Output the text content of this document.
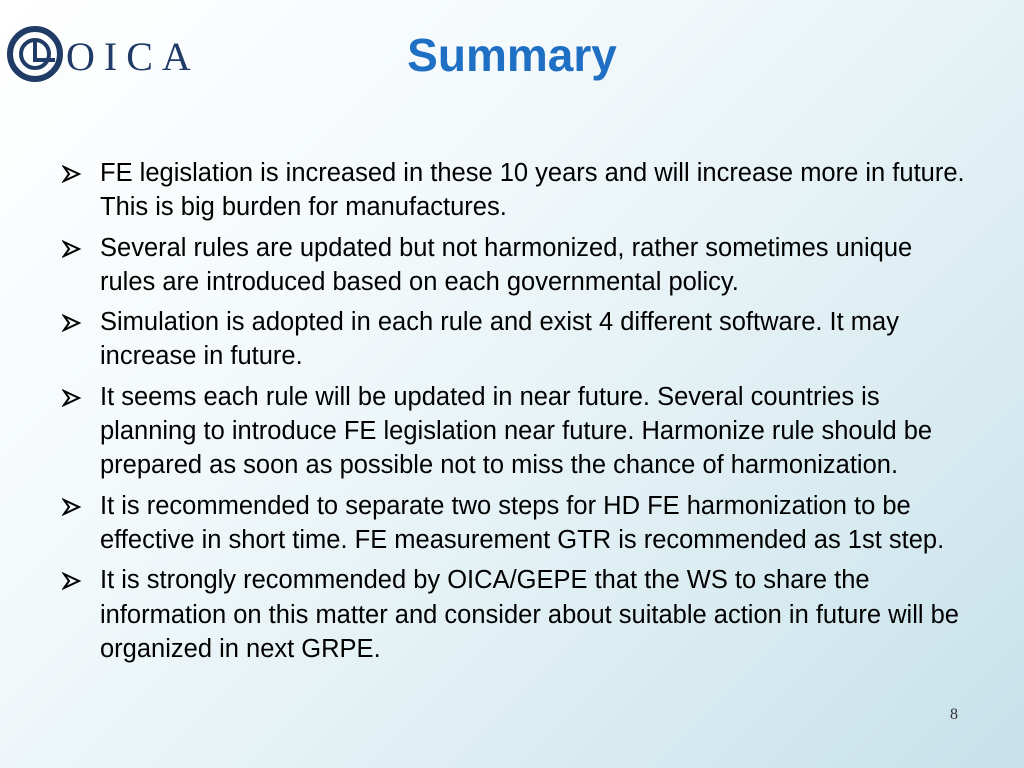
OICA	Summary
FE legislation is increased in these 10 years and will increase more in future. This is big burden for manufactures.
Several rules are updated but not harmonized, rather sometimes unique rules are introduced based on each governmental policy.
Simulation is adopted in each rule and exist 4 different software. It may increase in future.
It seems each rule will be updated in near future. Several countries is planning to introduce FE legislation near future. Harmonize rule should be prepared as soon as possible not to miss the chance of harmonization.
It is recommended to separate two steps for HD FE harmonization to be effective in short time. FE measurement GTR is recommended as 1st step.
It is strongly recommended by OICA/GEPE that the WS to share the information on this matter and consider about suitable action in future will be organized in next GRPE.
8
